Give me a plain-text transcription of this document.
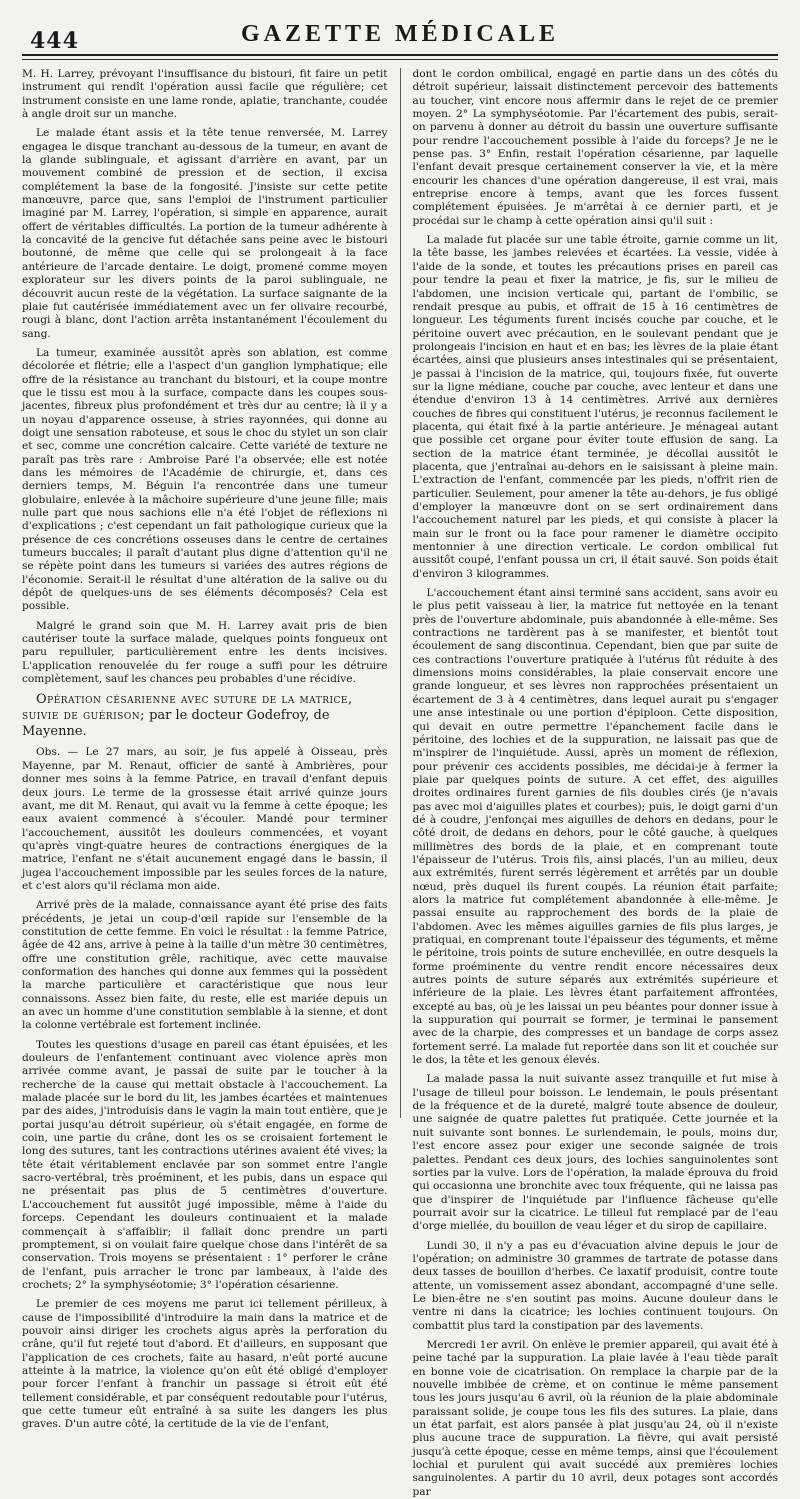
444	GAZETTE MÉDICALE

M. H. Larrey, prévoyant l'insuffisance du bistouri, fit faire un petit instrument qui rendît l'opération aussi facile que régulière; cet instrument consiste en une lame ronde, aplatie, tranchante, coudée à angle droit sur un manche.

Le malade étant assis et la tête tenue renversée, M. Larrey engagea le disque tranchant au-dessous de la tumeur, en avant de la glande sublinguale, et agissant d'arrière en avant, par un mouvement combiné de pression et de section, il excisa complétement la base de la fongosité. J'insiste sur cette petite manœuvre, parce que, sans l'emploi de l'instrument particulier imaginé par M. Larrey, l'opération, si simple en apparence, aurait offert de véritables difficultés. La portion de la tumeur adhérente à la concavité de la gencive fut détachée sans peine avec le bistouri boutonné, de même que celle qui se prolongeait à la face antérieure de l'arcade dentaire. Le doigt, promené comme moyen explorateur sur les divers points de la paroi sublinguale, ne découvrit aucun reste de la végétation. La surface saignante de la plaie fut cautérisée immédiatement avec un fer olivaire recourbé, rougi à blanc, dont l'action arrêta instantanément l'écoulement du sang.

La tumeur, examinée aussitôt après son ablation, est comme décolorée et flétrie; elle a l'aspect d'un ganglion lymphatique; elle offre de la résistance au tranchant du bistouri, et la coupe montre que le tissu est mou à la surface, compacte dans les coupes sous-jacentes, fibreux plus profondément et très dur au centre; là il y a un noyau d'apparence osseuse, à stries rayonnées, qui donne au doigt une sensation raboteuse, et sous le choc du stylet un son clair et sec, comme une concrétion calcaire. Cette variété de texture ne paraît pas très rare : Ambroise Paré l'a observée; elle est notée dans les mémoires de l'Académie de chirurgie, et, dans ces derniers temps, M. Béguin l'a rencontrée dans une tumeur globulaire, enlevée à la mâchoire supérieure d'une jeune fille; mais nulle part que nous sachions elle n'a été l'objet de réflexions ni d'explications ; c'est cependant un fait pathologique curieux que la présence de ces concrétions osseuses dans le centre de certaines tumeurs buccales; il paraît d'autant plus digne d'attention qu'il ne se répète point dans les tumeurs si variées des autres régions de l'économie. Serait-il le résultat d'une altération de la salive ou du dépôt de quelques-uns de ses éléments décomposés? Cela est possible.

Malgré le grand soin que M. H. Larrey avait pris de bien cautériser toute la surface malade, quelques points fongueux ont paru repulluler, particulièrement entre les dents incisives. L'application renouvelée du fer rouge a suffi pour les détruire complètement, sauf les chances peu probables d'une récidive.

Opération césarienne avec suture de la matrice, suivie de guérison; par le docteur Godefroy, de Mayenne.

Obs. — Le 27 mars, au soir, je fus appelé à Oisseau, près Mayenne, par M. Renaut, officier de santé à Ambrières, pour donner mes soins à la femme Patrice, en travail d'enfant depuis deux jours. Le terme de la grossesse était arrivé quinze jours avant, me dit M. Renaut, qui avait vu la femme à cette époque; les eaux avaient commencé à s'écouler. Mandé pour terminer l'accouchement, aussitôt les douleurs commencées, et voyant qu'après vingt-quatre heures de contractions énergiques de la matrice, l'enfant ne s'était aucunement engagé dans le bassin, il jugea l'accouchement impossible par les seules forces de la nature, et c'est alors qu'il réclama mon aide.

Arrivé près de la malade, connaissance ayant été prise des faits précédents, je jetai un coup-d'œil rapide sur l'ensemble de la constitution de cette femme. En voici le résultat : la femme Patrice, âgée de 42 ans, arrive à peine à la taille d'un mètre 30 centimètres, offre une constitution grêle, rachitique, avec cette mauvaise conformation des hanches qui donne aux femmes qui la possèdent la marche particulière et caractéristique que nous leur connaissons. Assez bien faite, du reste, elle est mariée depuis un an avec un homme d'une constitution semblable à la sienne, et dont la colonne vertébrale est fortement inclinée.

Toutes les questions d'usage en pareil cas étant épuisées, et les douleurs de l'enfantement continuant avec violence après mon arrivée comme avant, je passai de suite par le toucher à la recherche de la cause qui mettait obstacle à l'accouchement. La malade placée sur le bord du lit, les jambes écartées et maintenues par des aides, j'introduisis dans le vagin la main tout entière, que je portai jusqu'au détroit supérieur, où s'était engagée, en forme de coin, une partie du crâne, dont les os se croisaient fortement le long des sutures, tant les contractions utérines avaient été vives; la tête était véritablement enclavée par son sommet entre l'angle sacro-vertébral, très proéminent, et les pubis, dans un espace qui ne présentait pas plus de 5 centimètres d'ouverture. L'accouchement fut aussitôt jugé impossible, même à l'aide du forceps. Cependant les douleurs continuaient et la malade commençait à s'affaiblir; il fallait donc prendre un parti promptement, si on voulait faire quelque chose dans l'intérêt de sa conservation. Trois moyens se présentaient : 1° perforer le crâne de l'enfant, puis arracher le tronc par lambeaux, à l'aide des crochets; 2° la symphyséotomie; 3° l'opération césarienne.

Le premier de ces moyens me parut ici tellement périlleux, à cause de l'impossibilité d'introduire la main dans la matrice et de pouvoir ainsi diriger les crochets aigus après la perforation du crâne, qu'il fut rejeté tout d'abord. Et d'ailleurs, en supposant que l'application de ces crochets, faite au hasard, n'eût porté aucune atteinte à la matrice, la violence qu'on eût été obligé d'employer pour forcer l'enfant à franchir un passage si étroit eût été tellement considérable, et par conséquent redoutable pour l'utérus, que cette tumeur eût entraîné à sa suite les dangers les plus graves. D'un autre côté, la certitude de la vie de l'enfant,

dont le cordon ombilical, engagé en partie dans un des côtés du détroit supérieur, laissait distinctement percevoir des battements au toucher, vint encore nous affermir dans le rejet de ce premier moyen. 2° La symphyséotomie. Par l'écartement des pubis, serait-on parvenu à donner au détroit du bassin une ouverture suffisante pour rendre l'accouchement possible à l'aide du forceps? Je ne le pense pas. 3° Enfin, restait l'opération césarienne, par laquelle l'enfant devait presque certainement conserver la vie, et la mère encourir les chances d'une opération dangereuse, il est vrai, mais entreprise encore à temps, avant que les forces fussent complétement épuisées. Je m'arrêtai à ce dernier parti, et je procédai sur le champ à cette opération ainsi qu'il suit :

La malade fut placée sur une table étroite, garnie comme un lit, la tête basse, les jambes relevées et écartées. La vessie, vidée à l'aide de la sonde, et toutes les précautions prises en pareil cas pour tendre la peau et fixer la matrice, je fis, sur le milieu de l'abdomen, une incision verticale qui, partant de l'ombilic, se rendait presque au pubis, et offrait de 15 à 16 centimètres de longueur. Les téguments furent incisés couche par couche, et le péritoine ouvert avec précaution, en le soulevant pendant que je prolongeais l'incision en haut et en bas; les lèvres de la plaie étant écartées, ainsi que plusieurs anses intestinales qui se présentaient, je passai à l'incision de la matrice, qui, toujours fixée, fut ouverte sur la ligne médiane, couche par couche, avec lenteur et dans une étendue d'environ 13 à 14 centimètres. Arrivé aux dernières couches de fibres qui constituent l'utérus, je reconnus facilement le placenta, qui était fixé à la partie antérieure. Je ménageai autant que possible cet organe pour éviter toute effusion de sang. La section de la matrice étant terminée, je décollai aussitôt le placenta, que j'entraînai au-dehors en le saisissant à pleine main. L'extraction de l'enfant, commencée par les pieds, n'offrit rien de particulier. Seulement, pour amener la tête au-dehors, je fus obligé d'employer la manœuvre dont on se sert ordinairement dans l'accouchement naturel par les pieds, et qui consiste à placer la main sur le front ou la face pour ramener le diamètre occipito mentonnier à une direction verticale. Le cordon ombilical fut aussitôt coupé, l'enfant poussa un cri, il était sauvé. Son poids était d'environ 3 kilogrammes.

L'accouchement étant ainsi terminé sans accident, sans avoir eu le plus petit vaisseau à lier, la matrice fut nettoyée en la tenant près de l'ouverture abdominale, puis abandonnée à elle-même. Ses contractions ne tardèrent pas à se manifester, et bientôt tout écoulement de sang discontinua. Cependant, bien que par suite de ces contractions l'ouverture pratiquée à l'utérus fût réduite à des dimensions moins considérables, la plaie conservait encore une grande longueur, et ses lèvres non rapprochées présentaient un écartement de 3 à 4 centimètres, dans lequel aurait pu s'engager une anse intestinale ou une portion d'épiploon. Cette disposition, qui devait en outre permettre l'épanchement facile dans le péritoine, des lochies et de la suppuration, ne laissait pas que de m'inspirer de l'inquiétude. Aussi, après un moment de réflexion, pour prévenir ces accidents possibles, me décidai-je à fermer la plaie par quelques points de suture. A cet effet, des aiguilles droites ordinaires furent garnies de fils doubles cirés (je n'avais pas avec moi d'aiguilles plates et courbes); puis, le doigt garni d'un dé à coudre, j'enfonçai mes aiguilles de dehors en dedans, pour le côté droit, de dedans en dehors, pour le côté gauche, à quelques millimètres des bords de la plaie, et en comprenant toute l'épaisseur de l'utérus. Trois fils, ainsi placés, l'un au milieu, deux aux extrémités, furent serrés légèrement et arrêtés par un double nœud, près duquel ils furent coupés. La réunion était parfaite; alors la matrice fut complétement abandonnée à elle-même. Je passai ensuite au rapprochement des bords de la plaie de l'abdomen. Avec les mêmes aiguilles garnies de fils plus larges, je pratiquai, en comprenant toute l'épaisseur des téguments, et même le péritoine, trois points de suture enchevillée, en outre desquels la forme proéminente du ventre rendit encore nécessaires deux autres points de suture séparés aux extrémités supérieure et inférieure de la plaie. Les lèvres étant parfaitement affrontées, excepté au bas, où je les laissai un peu béantes pour donner issue à la suppuration qui pourrait se former, je terminai le pansement avec de la charpie, des compresses et un bandage de corps assez fortement serré. La malade fut reportée dans son lit et couchée sur le dos, la tête et les genoux élevés.

La malade passa la nuit suivante assez tranquille et fut mise à l'usage de tilleul pour boisson. Le lendemain, le pouls présentant de la fréquence et de la dureté, malgré toute absence de douleur, une saignée de quatre palettes fut pratiquée. Cette journée et la nuit suivante sont bonnes. Le surlendemain, le pouls, moins dur, l'est encore assez pour exiger une seconde saignée de trois palettes. Pendant ces deux jours, des lochies sanguinolentes sont sorties par la vulve. Lors de l'opération, la malade éprouva du froid qui occasionna une bronchite avec toux fréquente, qui ne laissa pas que d'inspirer de l'inquiétude par l'influence fâcheuse qu'elle pourrait avoir sur la cicatrice. Le tilleul fut remplacé par de l'eau d'orge miellée, du bouillon de veau léger et du sirop de capillaire.

Lundi 30, il n'y a pas eu d'évacuation alvine depuis le jour de l'opération; on administre 30 grammes de tartrate de potasse dans deux tasses de bouillon d'herbes. Ce laxatif produisit, contre toute attente, un vomissement assez abondant, accompagné d'une selle. Le bien-être ne s'en soutint pas moins. Aucune douleur dans le ventre ni dans la cicatrice; les lochies continuent toujours. On combattit plus tard la constipation par des lavements.

Mercredi 1er avril. On enlève le premier appareil, qui avait été à peine taché par la suppuration. La plaie lavée à l'eau tiède paraît en bonne voie de cicatrisation. On remplace la charpie par de la nouvelle imbibée de crème, et on continue le même pansement tous les jours jusqu'au 6 avril, où la réunion de la plaie abdominale paraissant solide, je coupe tous les fils des sutures. La plaie, dans un état parfait, est alors pansée à plat jusqu'au 24, où il n'existe plus aucune trace de suppuration. La fièvre, qui avait persisté jusqu'à cette époque, cesse en même temps, ainsi que l'écoulement lochial et purulent qui avait succédé aux premières lochies sanguinolentes. A partir du 10 avril, deux potages sont accordés par
